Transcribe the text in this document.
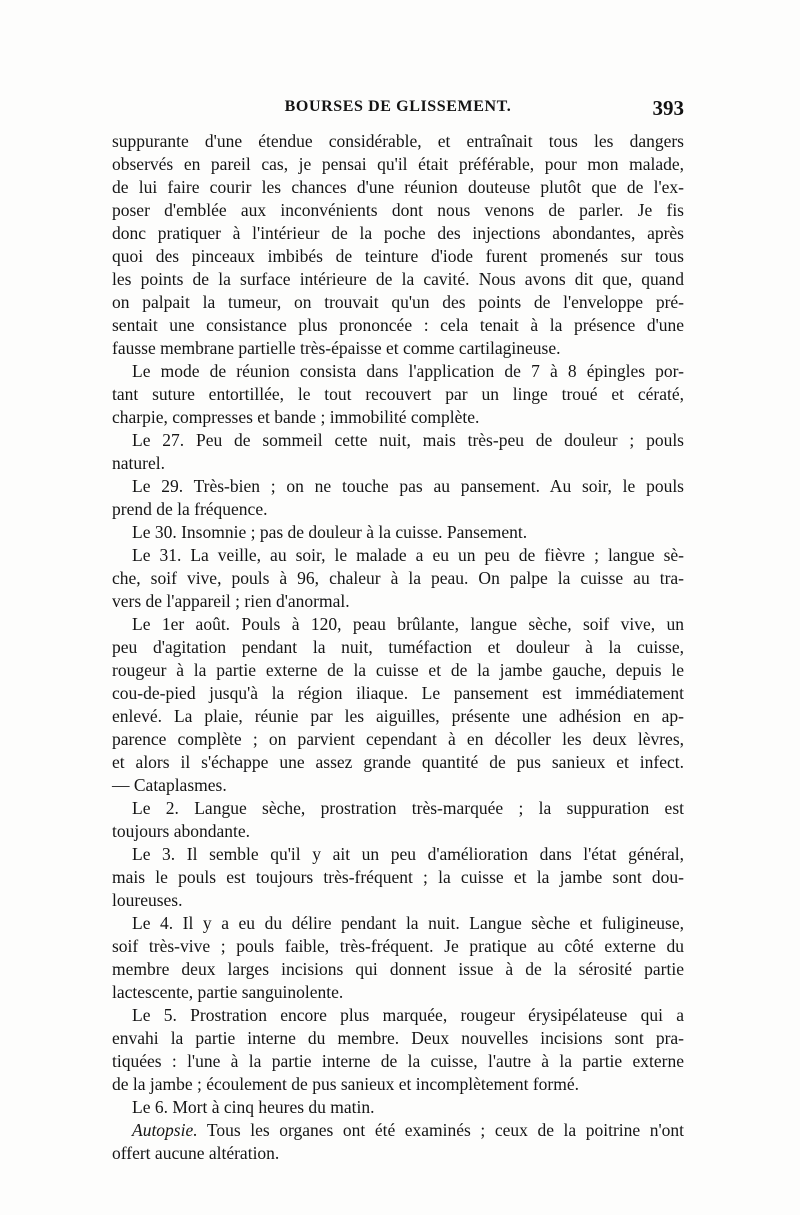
BOURSES DE GLISSEMENT.	393
suppurante d'une étendue considérable, et entraînait tous les dangers
observés en pareil cas, je pensai qu'il était préférable, pour mon malade,
de lui faire courir les chances d'une réunion douteuse plutôt que de l'ex-
poser d'emblée aux inconvénients dont nous venons de parler. Je fis
donc pratiquer à l'intérieur de la poche des injections abondantes, après
quoi des pinceaux imbibés de teinture d'iode furent promenés sur tous
les points de la surface intérieure de la cavité. Nous avons dit que, quand
on palpait la tumeur, on trouvait qu'un des points de l'enveloppe pré-
sentait une consistance plus prononcée : cela tenait à la présence d'une
fausse membrane partielle très-épaisse et comme cartilagineuse.
Le mode de réunion consista dans l'application de 7 à 8 épingles por-
tant suture entortillée, le tout recouvert par un linge troué et cératé,
charpie, compresses et bande ; immobilité complète.
Le 27. Peu de sommeil cette nuit, mais très-peu de douleur ; pouls
naturel.
Le 29. Très-bien ; on ne touche pas au pansement. Au soir, le pouls
prend de la fréquence.
Le 30. Insomnie ; pas de douleur à la cuisse. Pansement.
Le 31. La veille, au soir, le malade a eu un peu de fièvre ; langue sè-
che, soif vive, pouls à 96, chaleur à la peau. On palpe la cuisse au tra-
vers de l'appareil ; rien d'anormal.
Le 1er août. Pouls à 120, peau brûlante, langue sèche, soif vive, un
peu d'agitation pendant la nuit, tuméfaction et douleur à la cuisse,
rougeur à la partie externe de la cuisse et de la jambe gauche, depuis le
cou-de-pied jusqu'à la région iliaque. Le pansement est immédiatement
enlevé. La plaie, réunie par les aiguilles, présente une adhésion en ap-
parence complète ; on parvient cependant à en décoller les deux lèvres,
et alors il s'échappe une assez grande quantité de pus sanieux et infect.
— Cataplasmes.
Le 2. Langue sèche, prostration très-marquée ; la suppuration est
toujours abondante.
Le 3. Il semble qu'il y ait un peu d'amélioration dans l'état général,
mais le pouls est toujours très-fréquent ; la cuisse et la jambe sont dou-
loureuses.
Le 4. Il y a eu du délire pendant la nuit. Langue sèche et fuligineuse,
soif très-vive ; pouls faible, très-fréquent. Je pratique au côté externe du
membre deux larges incisions qui donnent issue à de la sérosité partie
lactescente, partie sanguinolente.
Le 5. Prostration encore plus marquée, rougeur érysipélateuse qui a
envahi la partie interne du membre. Deux nouvelles incisions sont pra-
tiquées : l'une à la partie interne de la cuisse, l'autre à la partie externe
de la jambe ; écoulement de pus sanieux et incomplètement formé.
Le 6. Mort à cinq heures du matin.
Autopsie. Tous les organes ont été examinés ; ceux de la poitrine n'ont
offert aucune altération.
